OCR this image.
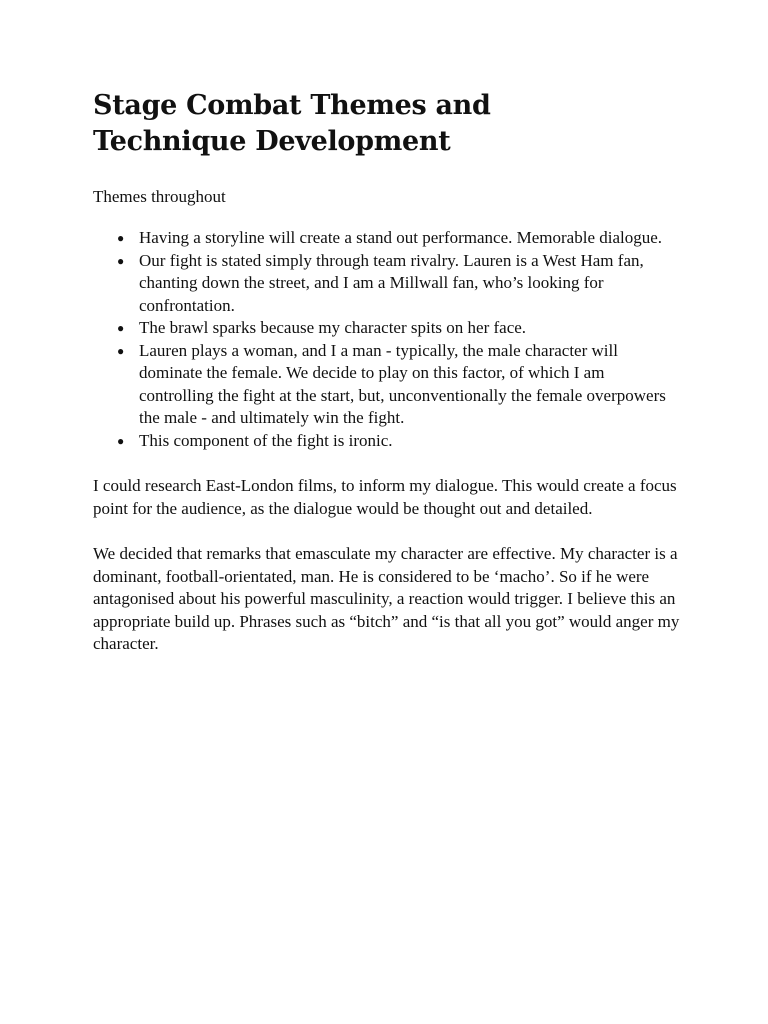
Stage Combat Themes and Technique Development

Themes throughout

● Having a storyline will create a stand out performance. Memorable dialogue.
● Our fight is stated simply through team rivalry. Lauren is a West Ham fan, chanting down the street, and I am a Millwall fan, who’s looking for confrontation.
● The brawl sparks because my character spits on her face.
● Lauren plays a woman, and I a man - typically, the male character will dominate the female. We decide to play on this factor, of which I am controlling the fight at the start, but, unconventionally the female overpowers the male - and ultimately win the fight.
● This component of the fight is ironic.

I could research East-London films, to inform my dialogue. This would create a focus point for the audience, as the dialogue would be thought out and detailed.

We decided that remarks that emasculate my character are effective. My character is a dominant, football-orientated, man. He is considered to be ‘macho’. So if he were antagonised about his powerful masculinity, a reaction would trigger. I believe this an appropriate build up. Phrases such as “bitch” and “is that all you got” would anger my character.
